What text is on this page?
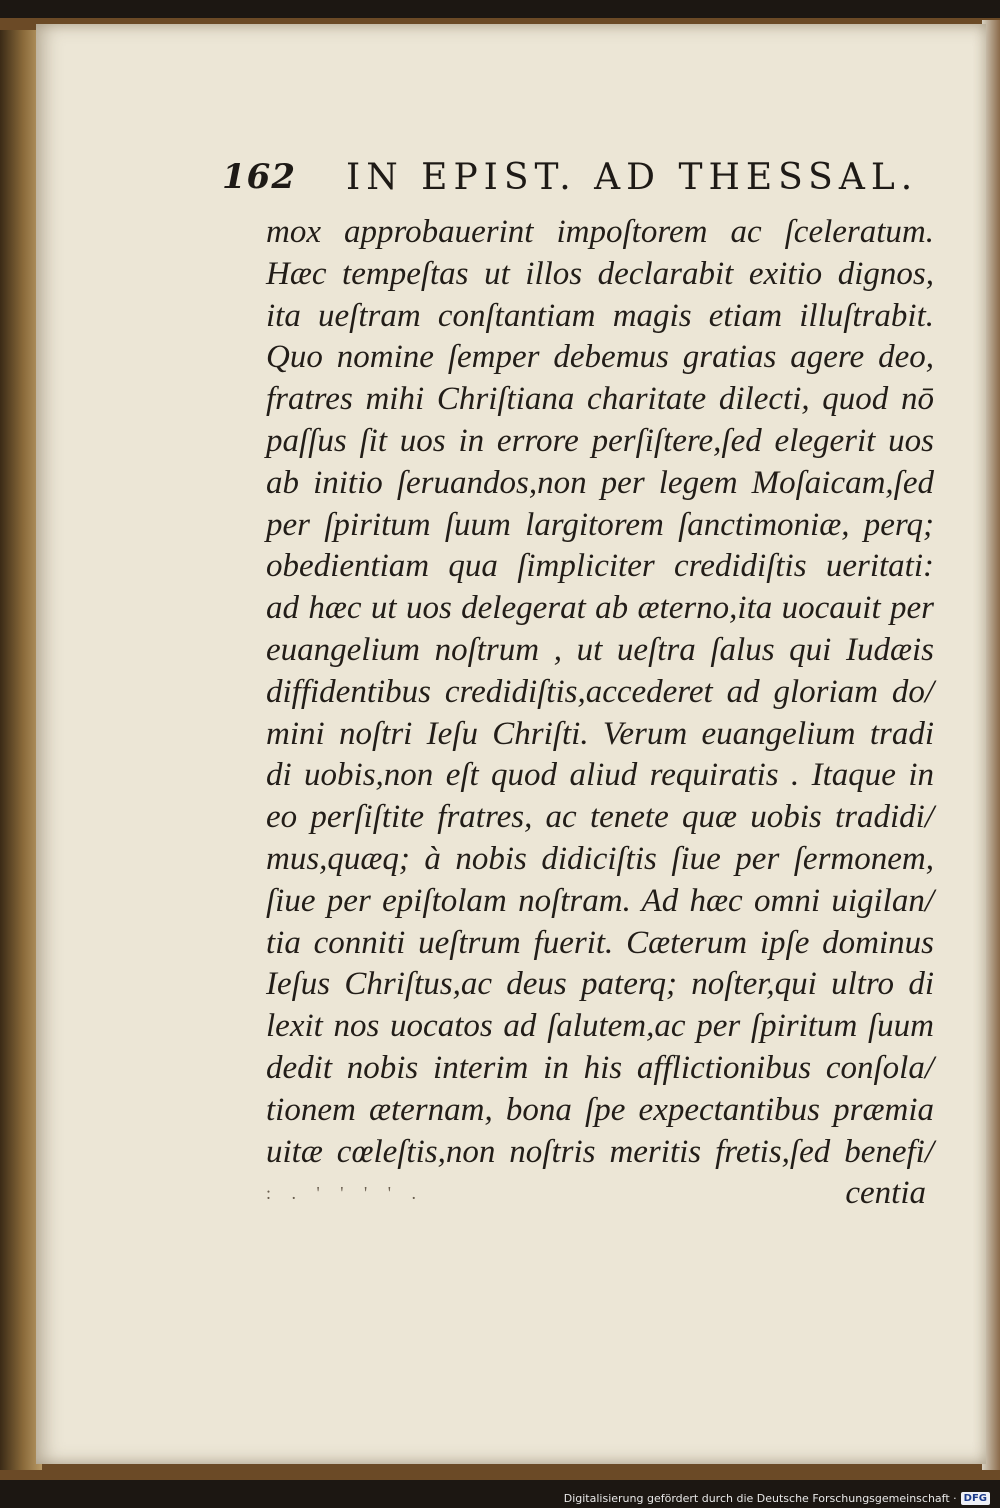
162 IN EPIST. AD THESSAL.
mox approbauerint impoſtorem ac ſceleratum.
Hæc tempeſtas ut illos declarabit exitio dignos,
ita ueſtram conſtantiam magis etiam illuſtrabit.
Quo nomine ſemper debemus gratias agere deo,
fratres mihi Chriſtiana charitate dilecti, quod nō
paſſus ſit uos in errore perſiſtere,ſed elegerit uos
ab initio ſeruandos,non per legem Moſaicam,ſed
per ſpiritum ſuum largitorem ſanctimoniæ, perq;
obedientiam qua ſimpliciter credidiſtis ueritati:
ad hæc ut uos delegerat ab æterno,ita uocauit per
euangelium noſtrum , ut ueſtra ſalus qui Iudæis
diffidentibus credidiſtis,accederet ad gloriam do/
mini noſtri Ieſu Chriſti. Verum euangelium tradi
di uobis,non eſt quod aliud requiratis . Itaque in
eo perſiſtite fratres, ac tenete quæ uobis tradidi/
mus,quæq; à nobis didiciſtis ſiue per ſermonem,
ſiue per epiſtolam noſtram. Ad hæc omni uigilan/
tia conniti ueſtrum fuerit. Cæterum ipſe dominus
Ieſus Chriſtus,ac deus paterq; noſter,qui ultro di
lexit nos uocatos ad ſalutem,ac per ſpiritum ſuum
dedit nobis interim in his afflictionibus conſola/
tionem æternam, bona ſpe expectantibus præmia
uitæ cœleſtis,non noſtris meritis fretis,ſed benefi/
: . ' ' ' ' .	centia
Digitalisierung gefördert durch die Deutsche Forschungsgemeinschaft · DFG
